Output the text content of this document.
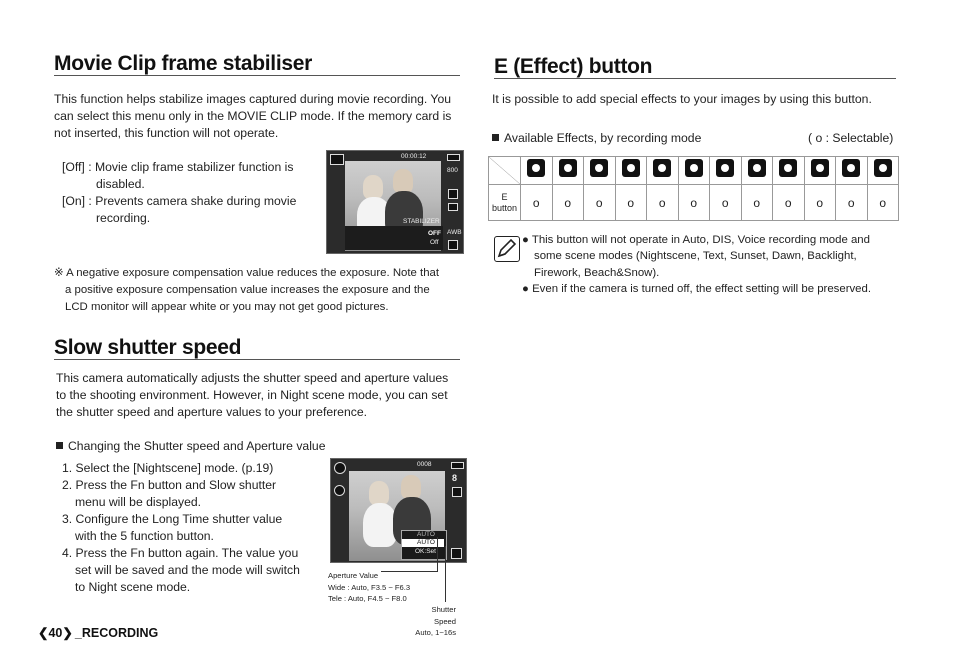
Movie Clip frame stabiliser
This function helps stabilize images captured during movie recording. You
can select this menu only in the MOVIE CLIP mode. If the memory card is
not inserted, this function will not operate.
[Off] : Movie clip frame stabilizer function is
disabled.
[On] : Prevents camera shake during movie
recording.
00:00:12
800
STABILIZER
OFF
Off
AWB
※ A negative exposure compensation value reduces the exposure. Note that
a positive exposure compensation value increases the exposure and the
LCD monitor will appear white or you may not get good pictures.
Slow shutter speed
This camera automatically adjusts the shutter speed and aperture values
to the shooting environment. However, in Night scene mode, you can set
the shutter speed and aperture values to your preference.
Changing the Shutter speed and Aperture value
1. Select the [Nightscene] mode. (p.19)
2. Press the Fn button and Slow shutter
menu will be displayed.
3. Configure the Long Time shutter value
with the 5 function button.
4. Press the Fn button again. The value you
set will be saved and the mode will switch
to Night scene mode.
0008
8
AUTO
AUTO
OK:Set
Aperture Value
Wide : Auto, F3.5 ~ F6.3
Tele : Auto, F4.5 ~ F8.0
Shutter Speed
Auto, 1~16s
❮40❯ _RECORDING
E (Effect) button
It is possible to add special effects to your images by using this button.
Available Effects, by recording mode	( o : Selectable)

E
button	o	o	o	o	o	o	o	o	o	o	o	o
● This button will not operate in Auto, DIS, Voice recording mode and
some scene modes (Nightscene, Text, Sunset, Dawn, Backlight,
Firework, Beach&Snow).
● Even if the camera is turned off, the effect setting will be preserved.
